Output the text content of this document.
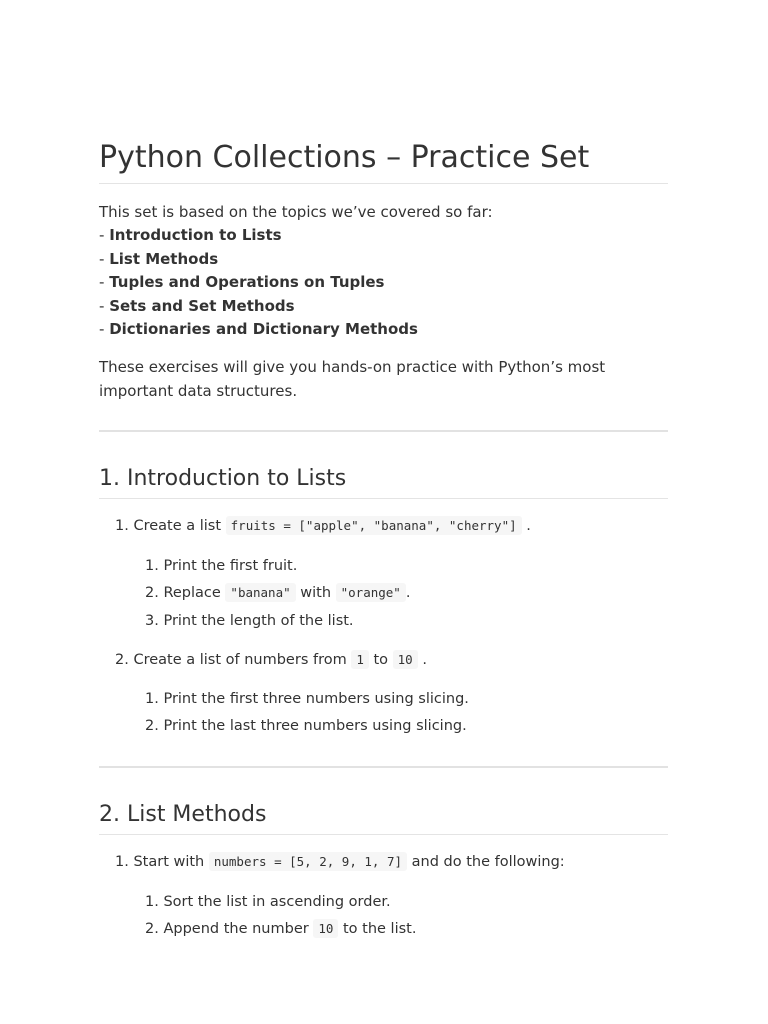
Python Collections – Practice Set
This set is based on the topics we’ve covered so far:
- Introduction to Lists
- List Methods
- Tuples and Operations on Tuples
- Sets and Set Methods
- Dictionaries and Dictionary Methods

These exercises will give you hands-on practice with Python’s most important data structures.

1. Introduction to Lists
1. Create a list fruits = ["apple", "banana", "cherry"] .
1. Print the first fruit.
2. Replace "banana" with "orange" .
3. Print the length of the list.
2. Create a list of numbers from 1 to 10 .
1. Print the first three numbers using slicing.
2. Print the last three numbers using slicing.
2. List Methods
1. Start with numbers = [5, 2, 9, 1, 7] and do the following:
1. Sort the list in ascending order.
2. Append the number 10 to the list.
